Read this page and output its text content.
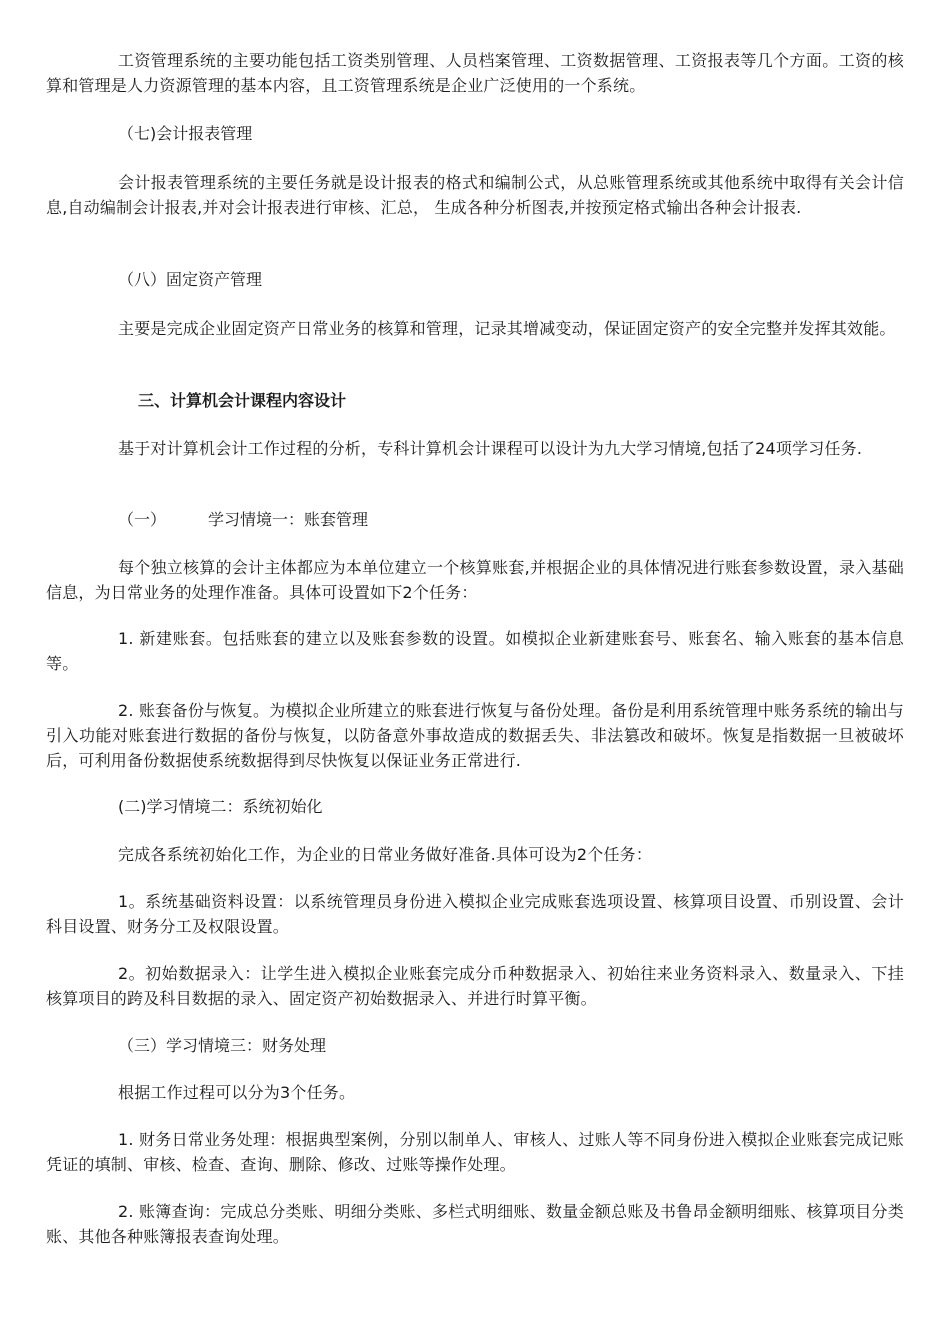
工资管理系统的主要功能包括工资类别管理、人员档案管理、工资数据管理、工资报表等几个方面。工资的核算和管理是人力资源管理的基本内容，且工资管理系统是企业广泛使用的一个系统。

（七)会计报表管理

会计报表管理系统的主要任务就是设计报表的格式和编制公式，从总账管理系统或其他系统中取得有关会计信息,自动编制会计报表,并对会计报表进行审核、汇总， 生成各种分析图表,并按预定格式输出各种会计报表.

（八）固定资产管理

主要是完成企业固定资产日常业务的核算和管理，记录其增减变动，保证固定资产的安全完整并发挥其效能。

三、计算机会计课程内容设计

基于对计算机会计工作过程的分析，专科计算机会计课程可以设计为九大学习情境,包括了24项学习任务.

（一）	学习情境一：账套管理

每个独立核算的会计主体都应为本单位建立一个核算账套,并根据企业的具体情况进行账套参数设置，录入基础信息，为日常业务的处理作准备。具体可设置如下2个任务：

1. 新建账套。包括账套的建立以及账套参数的设置。如模拟企业新建账套号、账套名、输入账套的基本信息等。

2. 账套备份与恢复。为模拟企业所建立的账套进行恢复与备份处理。备份是利用系统管理中账务系统的输出与引入功能对账套进行数据的备份与恢复，以防备意外事故造成的数据丢失、非法篡改和破坏。恢复是指数据一旦被破坏后，可利用备份数据使系统数据得到尽快恢复以保证业务正常进行.

(二)学习情境二：系统初始化

完成各系统初始化工作，为企业的日常业务做好准备.具体可设为2个任务：

1。系统基础资料设置：以系统管理员身份进入模拟企业完成账套选项设置、核算项目设置、币别设置、会计科目设置、财务分工及权限设置。

2。初始数据录入：让学生进入模拟企业账套完成分币种数据录入、初始往来业务资料录入、数量录入、下挂核算项目的跨及科目数据的录入、固定资产初始数据录入、并进行时算平衡。

（三）学习情境三：财务处理

根据工作过程可以分为3个任务。

1. 财务日常业务处理：根据典型案例，分别以制单人、审核人、过账人等不同身份进入模拟企业账套完成记账凭证的填制、审核、检查、查询、删除、修改、过账等操作处理。

2. 账簿查询：完成总分类账、明细分类账、多栏式明细账、数量金额总账及书鲁昂金额明细账、核算项目分类账、其他各种账簿报表查询处理。
